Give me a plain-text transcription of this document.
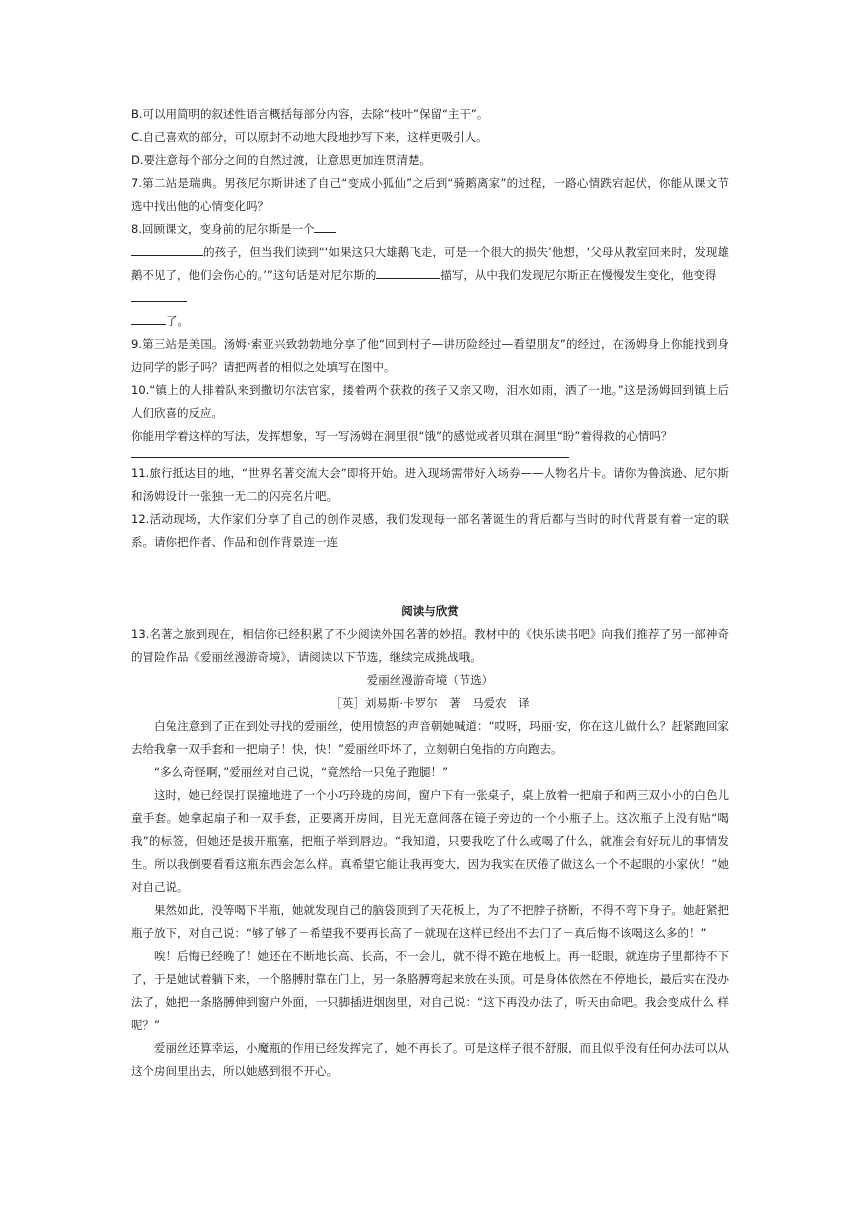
B.可以用简明的叙述性语言概括每部分内容，去除“枝叶”保留“主干”。

C.自己喜欢的部分，可以原封不动地大段地抄写下来，这样更吸引人。

D.要注意每个部分之间的自然过渡，让意思更加连贯清楚。

7.第二站是瑞典。男孩尼尔斯讲述了自己“变成小狐仙”之后到“骑鹅离家”的过程，一路心情跌宕起伏，你能从课文节选中找出他的心情变化吗？

8.回顾课文，变身前的尼尔斯是一个

的孩子，但当我们读到“‘如果这只大雄鹅飞走，可是一个很大的损失’他想，‘父母从教室回来时，发现雄鹅不见了，他们会伤心的。’”这句话是对尼尔斯的	描写，从中我们发现尼尔斯正在慢慢发生变化，他变得

了。

9.第三站是美国。汤姆·索亚兴致勃勃地分享了他“回到村子—讲历险经过—看望朋友”的经过，在汤姆身上你能找到身边同学的影子吗？请把两者的相似之处填写在图中。

10.“镇上的人排着队来到撒切尔法官家，搂着两个获救的孩子又亲又吻，泪水如雨，洒了一地。”这是汤姆回到镇上后人们欣喜的反应。

你能用学着这样的写法，发挥想象，写一写汤姆在洞里很“饿”的感觉或者贝琪在洞里“盼”着得救的心情吗？

11.旅行抵达目的地，“世界名著交流大会”即将开始。进入现场需带好入场券——人物名片卡。请你为鲁滨逊、尼尔斯和汤姆设计一张独一无二的闪亮名片吧。

12.活动现场，大作家们分享了自己的创作灵感，我们发现每一部名著诞生的背后都与当时的时代背景有着一定的联系。请你把作者、作品和创作背景连一连

阅读与欣赏

13.名著之旅到现在，相信你已经积累了不少阅读外国名著的妙招。教材中的《快乐读书吧》向我们推荐了另一部神奇的冒险作品《爱丽丝漫游奇境》，请阅读以下节选，继续完成挑战哦。

爱丽丝漫游奇境（节选）

［英］刘易斯·卡罗尔　著　马爱农　译

白兔注意到了正在到处寻找的爱丽丝，使用愤怒的声音朝她喊道：“哎呀，玛丽·安，你在这儿做什么？赶紧跑回家去给我拿一双手套和一把扇子！快，快！”爱丽丝吓坏了，立刻朝白兔指的方向跑去。

“多么奇怪啊，”爱丽丝对自己说，“竟然给一只兔子跑腿！”

这时，她已经误打误撞地进了一个小巧玲珑的房间，窗户下有一张桌子，桌上放着一把扇子和两三双小小的白色儿童手套。她拿起扇子和一双手套，正要离开房间，目光无意间落在镜子旁边的一个小瓶子上。这次瓶子上没有贴“喝我”的标签，但她还是拔开瓶塞，把瓶子举到唇边。“我知道，只要我吃了什么或喝了什么，就准会有好玩儿的事情发生。所以我倒要看看这瓶东西会怎么样。真希望它能让我再变大，因为我实在厌倦了做这么一个不起眼的小家伙！”她对自己说。

果然如此，没等喝下半瓶，她就发现自己的脑袋顶到了天花板上，为了不把脖子挤断，不得不弯下身子。她赶紧把瓶子放下，对自己说：“够了够了－希望我不要再长高了－就现在这样已经出不去门了－真后悔不该喝这么多的！”

唉！后悔已经晚了！她还在不断地长高、长高，不一会儿，就不得不跪在地板上。再一眨眼，就连房子里都待不下了，于是她试着躺下来，一个胳膊肘靠在门上，另一条胳膊弯起来放在头顶。可是身体依然在不停地长，最后实在没办法了，她把一条胳膊伸到窗户外面，一只脚插进烟囱里，对自己说：“这下再没办法了，听天由命吧。我会变成什么 样呢？”

爱丽丝还算幸运，小魔瓶的作用已经发挥完了，她不再长了。可是这样子很不舒服，而且似乎没有任何办法可以从这个房间里出去，所以她感到很不开心。
